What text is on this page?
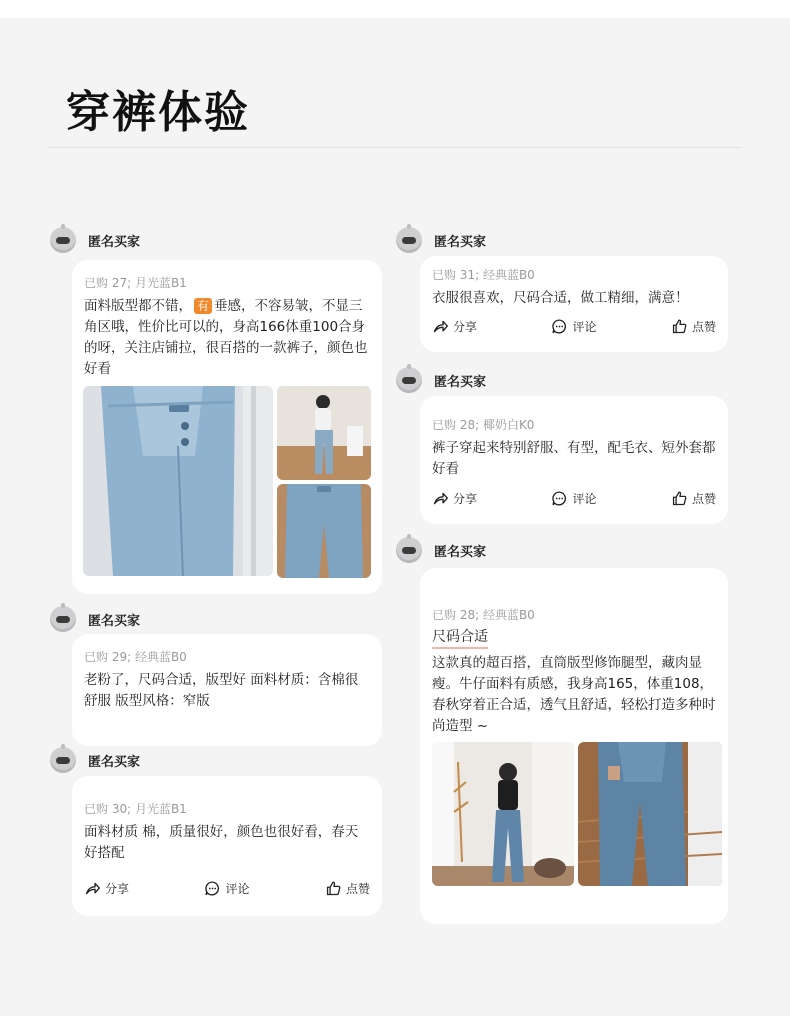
穿裤体验
匿名买家
已购 27; 月光蓝B1
面料版型都不错， 有 垂感，不容易皱，不显三角区哦，性价比可以的，身高166体重100合身的呀，关注店铺拉，很百搭的一款裤子，颜色也好看
匿名买家
已购 29; 经典蓝B0
老粉了，尺码合适，版型好 面料材质：含棉很舒服 版型风格：窄版
匿名买家
已购 30; 月光蓝B1
面料材质 棉，质量很好，颜色也很好看，春天好搭配
分享	评论	点赞
匿名买家
已购 31; 经典蓝B0
衣服很喜欢，尺码合适，做工精细，满意！
分享	评论	点赞
匿名买家
已购 28; 椰奶白K0
裤子穿起来特别舒服、有型，配毛衣、短外套都好看
分享	评论	点赞
匿名买家
已购 28; 经典蓝B0
尺码合适
这款真的超百搭，直筒版型修饰腿型，藏肉显瘦。牛仔面料有质感，我身高165，体重108，春秋穿着正合适，透气且舒适，轻松打造多种时尚造型 ~
